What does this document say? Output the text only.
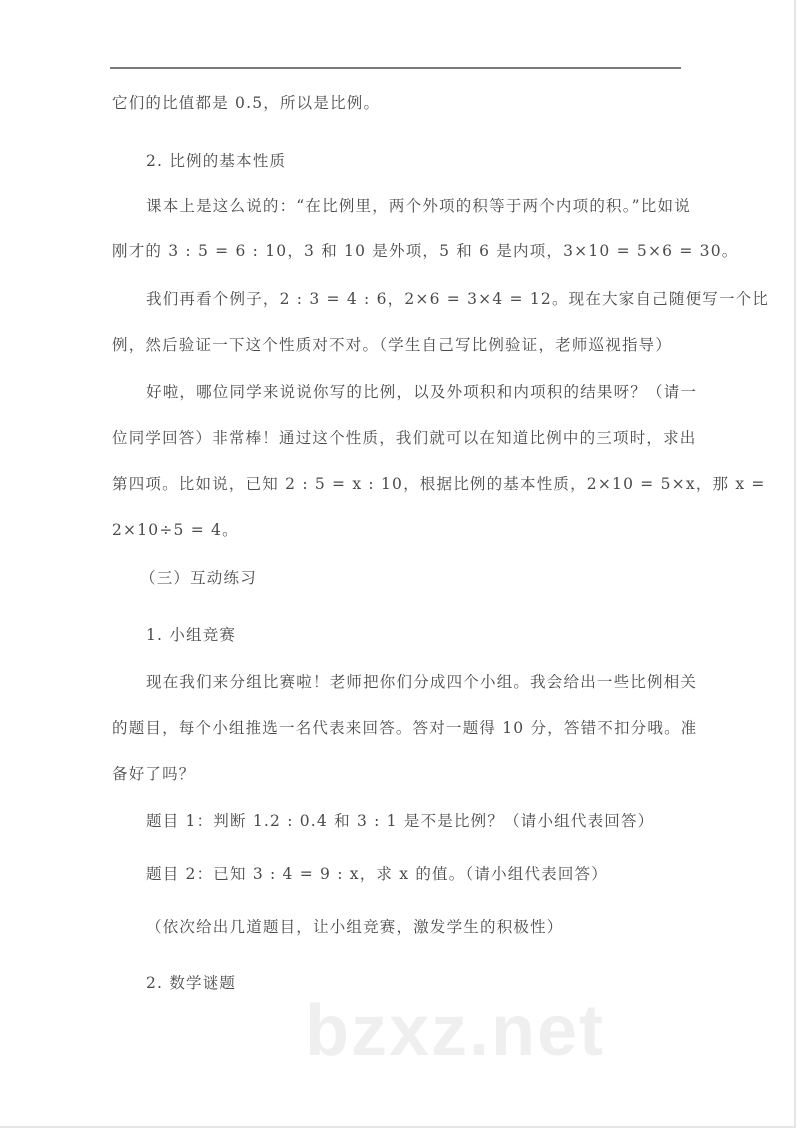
它们的比值都是 0.5，所以是比例。
2. 比例的基本性质
课本上是这么说的：“在比例里，两个外项的积等于两个内项的积。”比如说
刚才的 3 : 5 = 6 : 10，3 和 10 是外项，5 和 6 是内项，3×10 = 5×6 = 30。
我们再看个例子，2 : 3 = 4 : 6，2×6 = 3×4 = 12。现在大家自己随便写一个比
例，然后验证一下这个性质对不对。（学生自己写比例验证，老师巡视指导）
好啦，哪位同学来说说你写的比例，以及外项积和内项积的结果呀？（请一
位同学回答）非常棒！通过这个性质，我们就可以在知道比例中的三项时，求出
第四项。比如说，已知 2 : 5 = x : 10，根据比例的基本性质，2×10 = 5×x，那 x =
2×10÷5 = 4。
（三）互动练习
1. 小组竞赛
现在我们来分组比赛啦！老师把你们分成四个小组。我会给出一些比例相关
的题目，每个小组推选一名代表来回答。答对一题得 10 分，答错不扣分哦。准
备好了吗？
题目 1：判断 1.2 : 0.4 和 3 : 1 是不是比例？（请小组代表回答）
题目 2：已知 3 : 4 = 9 : x，求 x 的值。（请小组代表回答）
（依次给出几道题目，让小组竞赛，激发学生的积极性）
2. 数学谜题
bzxz.net
